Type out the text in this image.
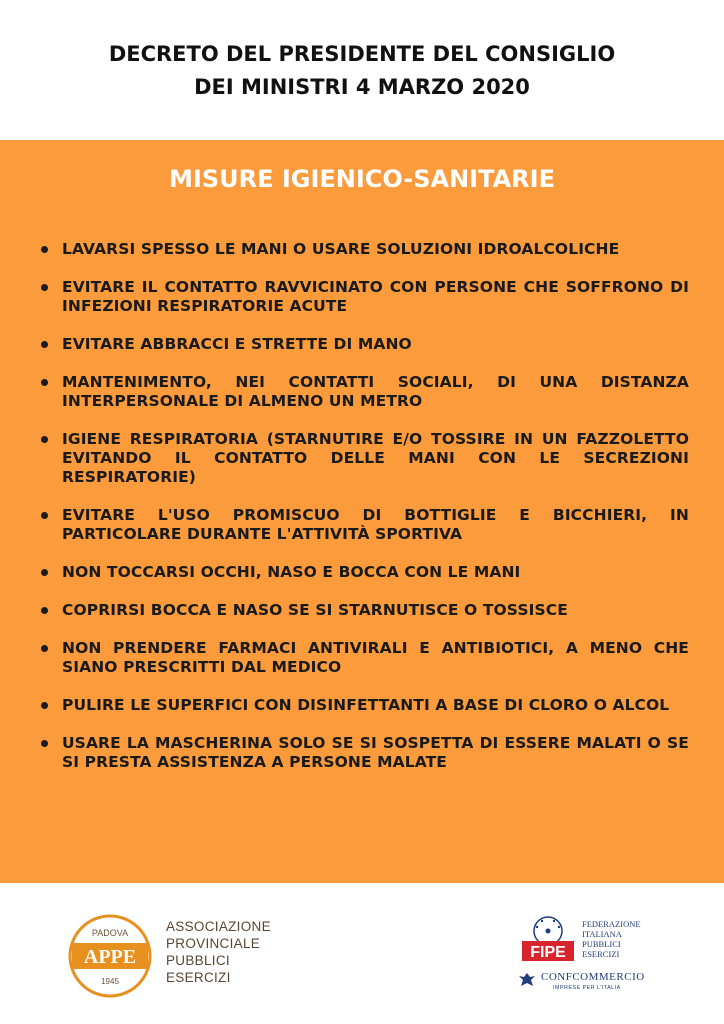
DECRETO DEL PRESIDENTE DEL CONSIGLIO
DEI MINISTRI 4 MARZO 2020
MISURE IGIENICO-SANITARIE
LAVARSI SPESSO LE MANI O USARE SOLUZIONI IDROALCOLICHE
EVITARE IL CONTATTO RAVVICINATO CON PERSONE CHE SOFFRONO DI INFEZIONI RESPIRATORIE ACUTE
EVITARE ABBRACCI E STRETTE DI MANO
MANTENIMENTO, NEI CONTATTI SOCIALI, DI UNA DISTANZA INTERPERSONALE DI ALMENO UN METRO
IGIENE RESPIRATORIA (STARNUTIRE E/O TOSSIRE IN UN FAZZOLETTO EVITANDO IL CONTATTO DELLE MANI CON LE SECREZIONI RESPIRATORIE)
EVITARE L'USO PROMISCUO DI BOTTIGLIE E BICCHIERI, IN PARTICOLARE DURANTE L'ATTIVITÀ SPORTIVA
NON TOCCARSI OCCHI, NASO E BOCCA CON LE MANI
COPRIRSI BOCCA E NASO SE SI STARNUTISCE O TOSSISCE
NON PRENDERE FARMACI ANTIVIRALI E ANTIBIOTICI, A MENO CHE SIANO PRESCRITTI DAL MEDICO
PULIRE LE SUPERFICI CON DISINFETTANTI A BASE DI CLORO O ALCOL
USARE LA MASCHERINA SOLO SE SI SOSPETTA DI ESSERE MALATI O SE SI PRESTA ASSISTENZA A PERSONE MALATE
PADOVA
APPE
1945
ASSOCIAZIONE
PROVINCIALE
PUBBLICI
ESERCIZI
FIPE
FEDERAZIONE
ITALIANA
PUBBLICI
ESERCIZI
CONFCOMMERCIO
IMPRESE PER L'ITALIA
